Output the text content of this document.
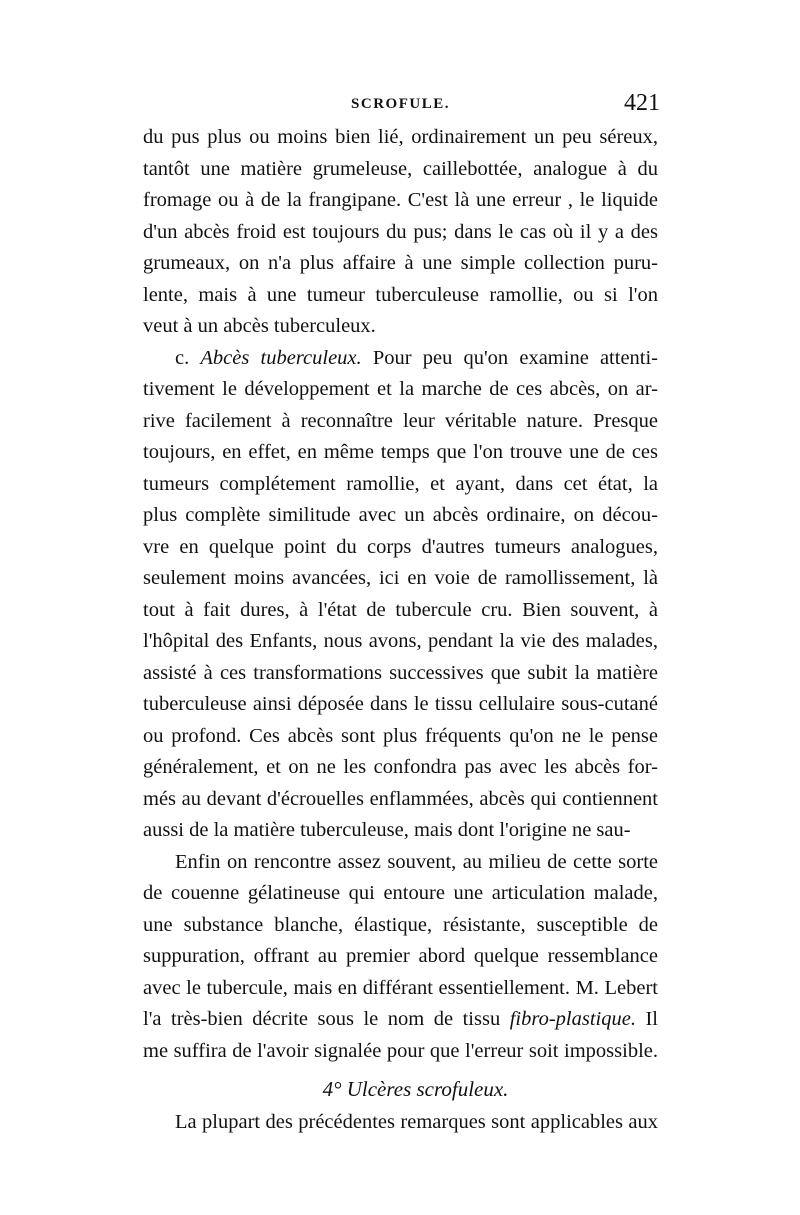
SCROFULE.	421
du pus plus ou moins bien lié, ordinairement un peu séreux,
tantôt une matière grumeleuse, caillebottée, analogue à du
fromage ou à de la frangipane. C'est là une erreur , le liquide
d'un abcès froid est toujours du pus; dans le cas où il y a des
grumeaux, on n'a plus affaire à une simple collection puru-
lente, mais à une tumeur tuberculeuse ramollie, ou si l'on
veut à un abcès tuberculeux.
c. Abcès tuberculeux. Pour peu qu'on examine attenti-
tivement le développement et la marche de ces abcès, on ar-
rive facilement à reconnaître leur véritable nature. Presque
toujours, en effet, en même temps que l'on trouve une de ces
tumeurs complétement ramollie, et ayant, dans cet état, la
plus complète similitude avec un abcès ordinaire, on décou-
vre en quelque point du corps d'autres tumeurs analogues,
seulement moins avancées, ici en voie de ramollissement, là
tout à fait dures, à l'état de tubercule cru. Bien souvent, à
l'hôpital des Enfants, nous avons, pendant la vie des malades,
assisté à ces transformations successives que subit la matière
tuberculeuse ainsi déposée dans le tissu cellulaire sous-cutané
ou profond. Ces abcès sont plus fréquents qu'on ne le pense
généralement, et on ne les confondra pas avec les abcès for-
més au devant d'écrouelles enflammées, abcès qui contiennent
aussi de la matière tuberculeuse, mais dont l'origine ne sau-
Enfin on rencontre assez souvent, au milieu de cette sorte
de couenne gélatineuse qui entoure une articulation malade,
une substance blanche, élastique, résistante, susceptible de
suppuration, offrant au premier abord quelque ressemblance
avec le tubercule, mais en différant essentiellement. M. Lebert
l'a très-bien décrite sous le nom de tissu fibro-plastique. Il
me suffira de l'avoir signalée pour que l'erreur soit impossible.
4° Ulcères scrofuleux.
La plupart des précédentes remarques sont applicables aux
